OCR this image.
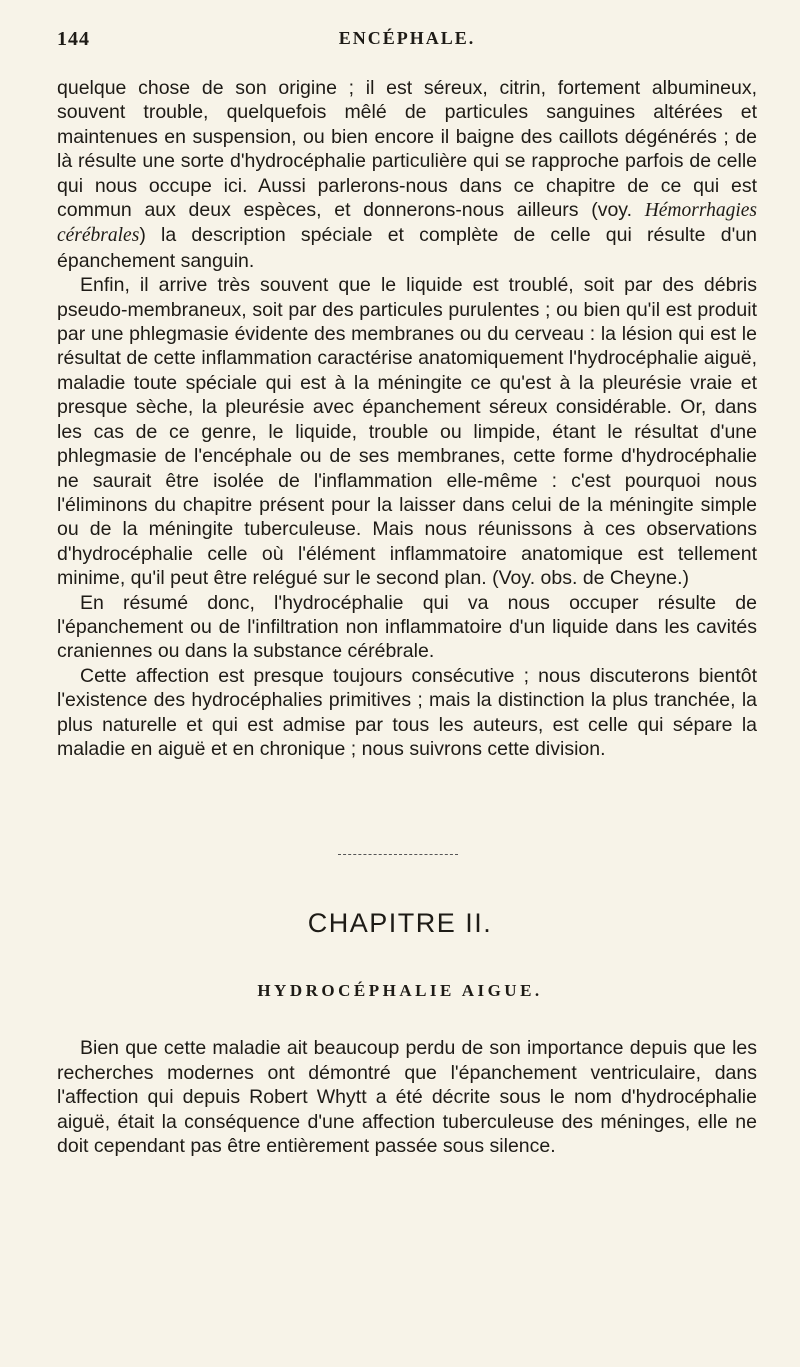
144	ENCÉPHALE.

quelque chose de son origine ; il est séreux, citrin, fortement albumineux, souvent trouble, quelquefois mêlé de particules sanguines altérées et maintenues en suspension, ou bien encore il baigne des caillots dégénérés ; de là résulte une sorte d'hydrocéphalie particulière qui se rapproche parfois de celle qui nous occupe ici. Aussi parlerons-nous dans ce chapitre de ce qui est commun aux deux espèces, et donnerons-nous ailleurs (voy. Hémorrhagies cérébrales) la description spéciale et complète de celle qui résulte d'un épanchement sanguin.

Enfin, il arrive très souvent que le liquide est troublé, soit par des débris pseudo-membraneux, soit par des particules purulentes ; ou bien qu'il est produit par une phlegmasie évidente des membranes ou du cerveau : la lésion qui est le résultat de cette inflammation caractérise anatomiquement l'hydrocéphalie aiguë, maladie toute spéciale qui est à la méningite ce qu'est à la pleurésie vraie et presque sèche, la pleurésie avec épanchement séreux considérable. Or, dans les cas de ce genre, le liquide, trouble ou limpide, étant le résultat d'une phlegmasie de l'encéphale ou de ses membranes, cette forme d'hydrocéphalie ne saurait être isolée de l'inflammation elle-même : c'est pourquoi nous l'éliminons du chapitre présent pour la laisser dans celui de la méningite simple ou de la méningite tuberculeuse. Mais nous réunissons à ces observations d'hydrocéphalie celle où l'élément inflammatoire anatomique est tellement minime, qu'il peut être relégué sur le second plan. (Voy. obs. de Cheyne.)

En résumé donc, l'hydrocéphalie qui va nous occuper résulte de l'épanchement ou de l'infiltration non inflammatoire d'un liquide dans les cavités craniennes ou dans la substance cérébrale.

Cette affection est presque toujours consécutive ; nous discuterons bientôt l'existence des hydrocéphalies primitives ; mais la distinction la plus tranchée, la plus naturelle et qui est admise par tous les auteurs, est celle qui sépare la maladie en aiguë et en chronique ; nous suivrons cette division.

CHAPITRE II.
HYDROCÉPHALIE AIGUE.

Bien que cette maladie ait beaucoup perdu de son importance depuis que les recherches modernes ont démontré que l'épanchement ventriculaire, dans l'affection qui depuis Robert Whytt a été décrite sous le nom d'hydrocéphalie aiguë, était la conséquence d'une affection tuberculeuse des méninges, elle ne doit cependant pas être entièrement passée sous silence.
